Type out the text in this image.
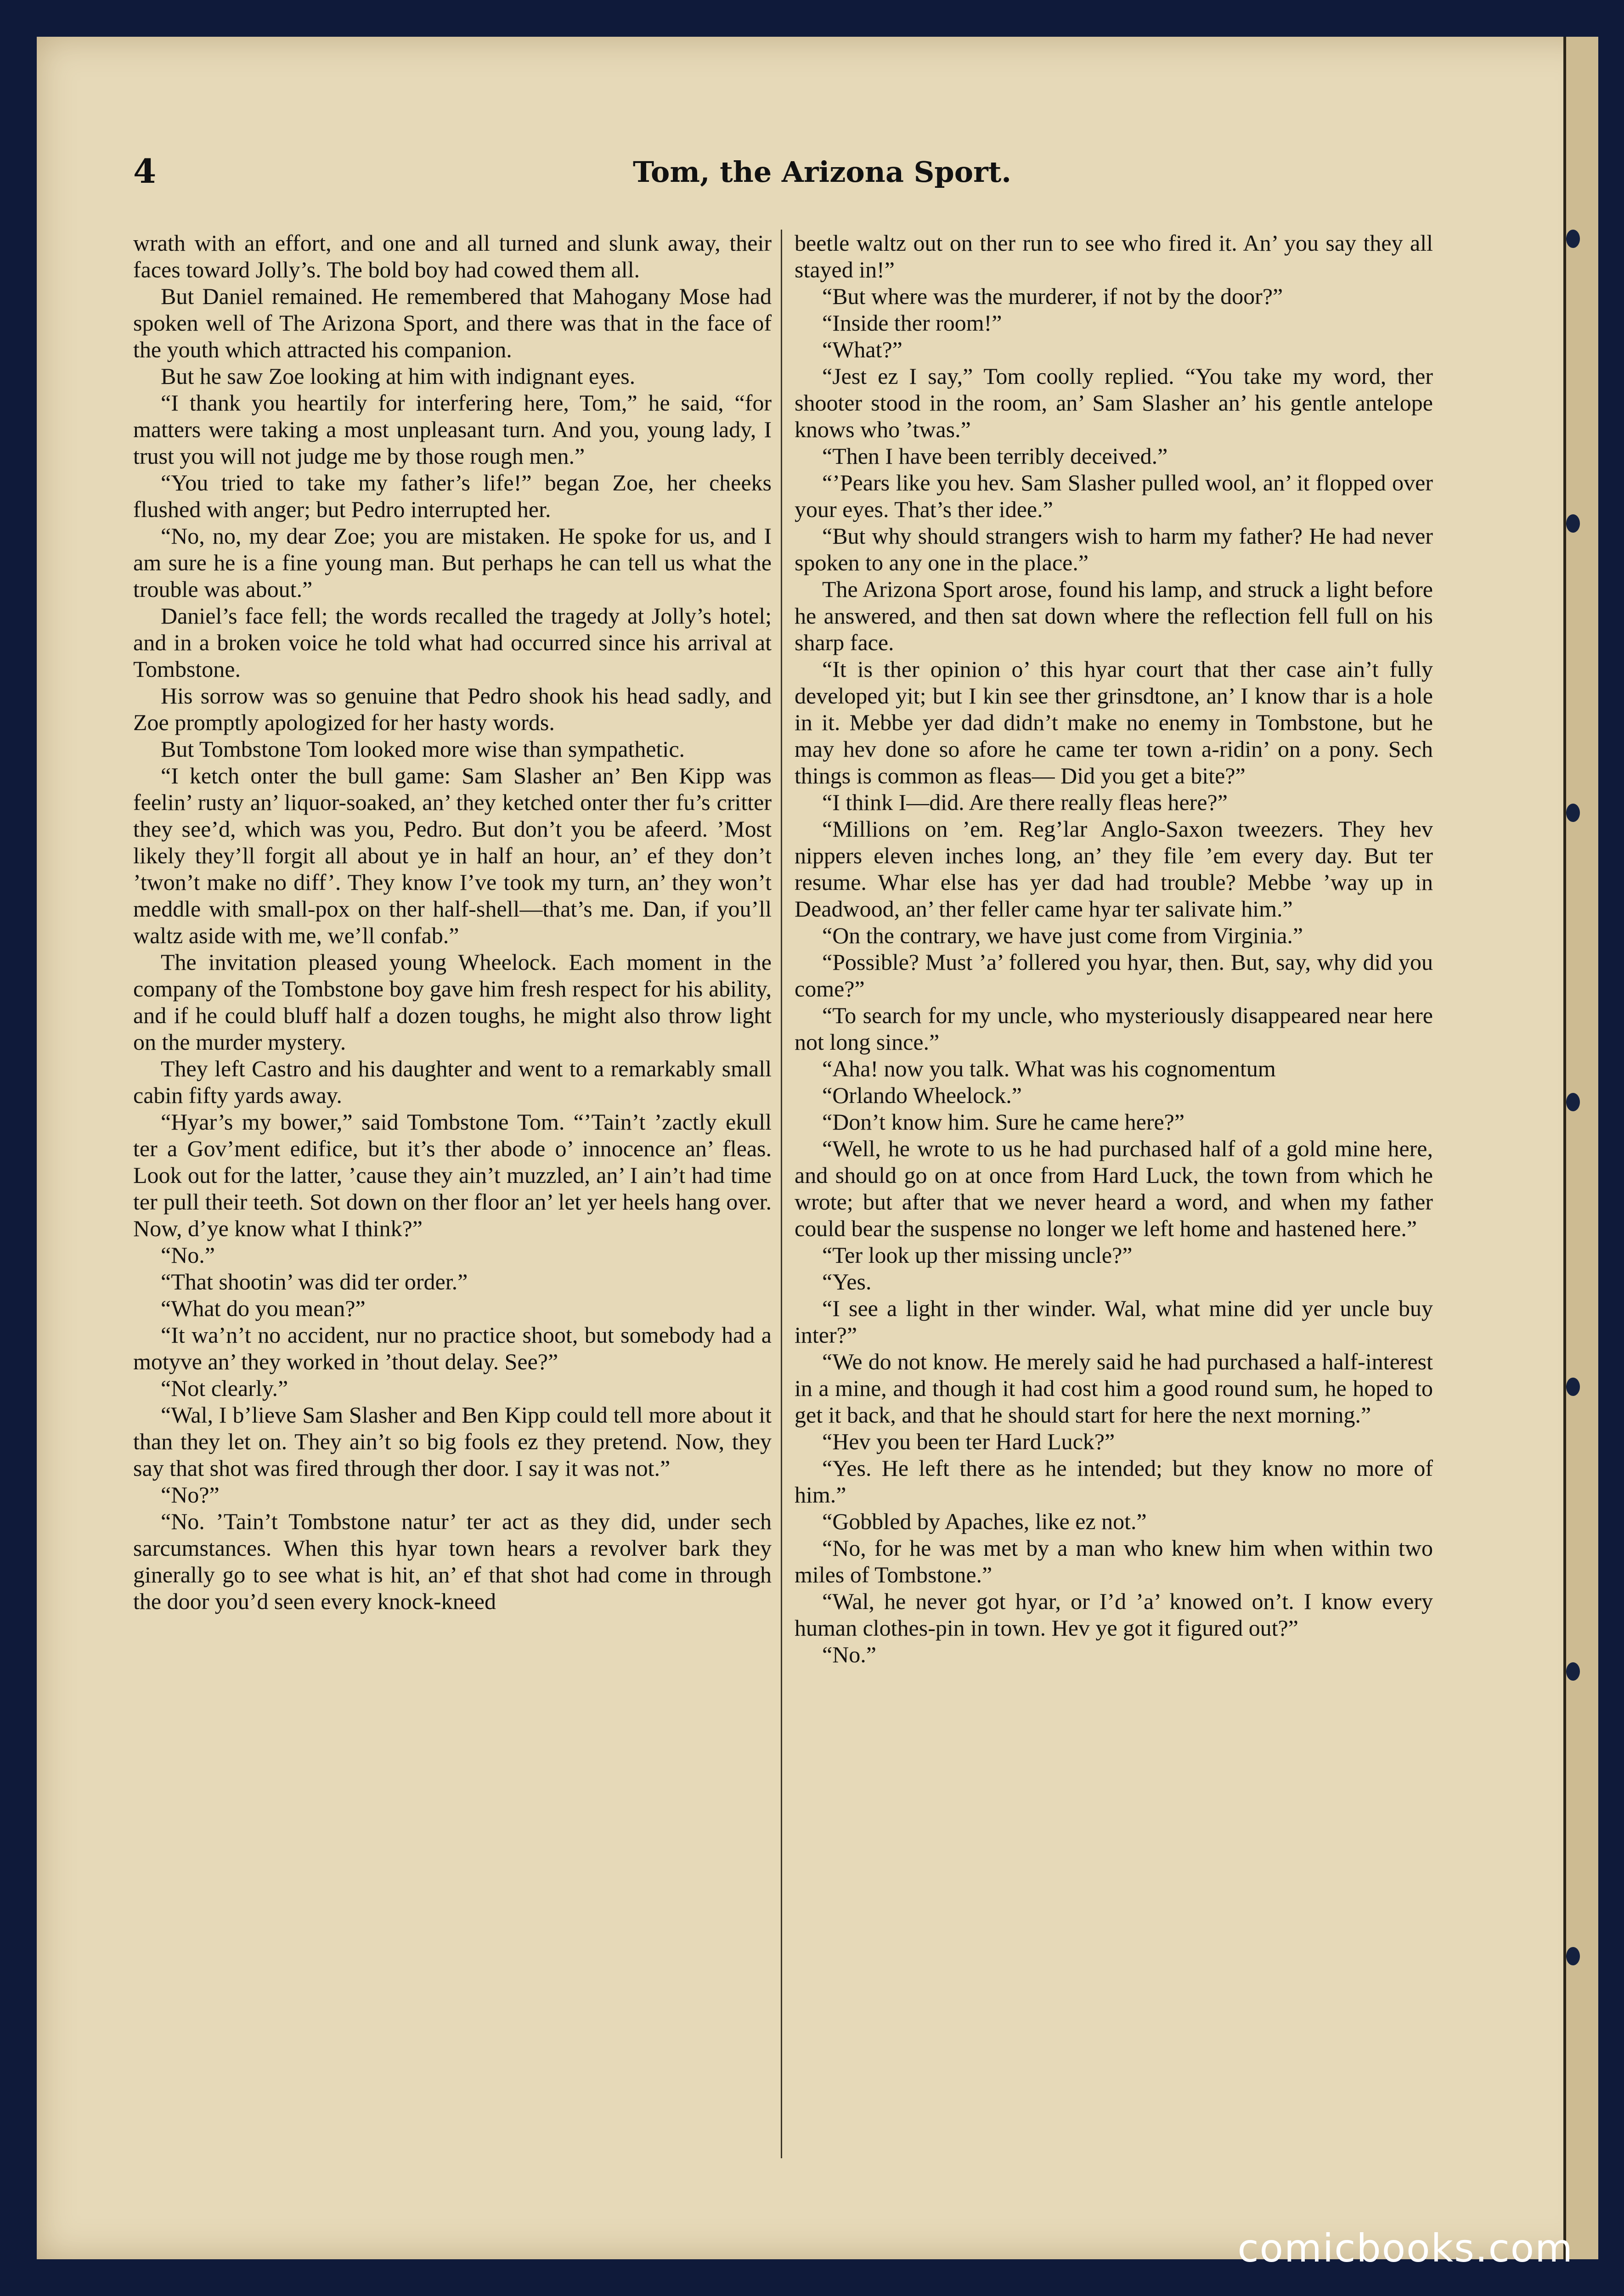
4	Tom, the Arizona Sport.

wrath with an effort, and one and all turned and slunk away, their faces toward Jolly’s. The bold boy had cowed them all.

But Daniel remained. He remembered that Mahogany Mose had spoken well of The Arizona Sport, and there was that in the face of the youth which attracted his companion.

But he saw Zoe looking at him with indignant eyes.

“I thank you heartily for interfering here, Tom,” he said, “for matters were taking a most unpleasant turn. And you, young lady, I trust you will not judge me by those rough men.”

“You tried to take my father’s life!” began Zoe, her cheeks flushed with anger; but Pedro interrupted her.

“No, no, my dear Zoe; you are mistaken. He spoke for us, and I am sure he is a fine young man. But perhaps he can tell us what the trouble was about.”

Daniel’s face fell; the words recalled the tragedy at Jolly’s hotel; and in a broken voice he told what had occurred since his arrival at Tombstone.

His sorrow was so genuine that Pedro shook his head sadly, and Zoe promptly apologized for her hasty words.

But Tombstone Tom looked more wise than sympathetic.

“I ketch onter the bull game: Sam Slasher an’ Ben Kipp was feelin’ rusty an’ liquor-soaked, an’ they ketched onter ther fu’s critter they see’d, which was you, Pedro. But don’t you be afeerd. ’Most likely they’ll forgit all about ye in half an hour, an’ ef they don’t ’twon’t make no diff’. They know I’ve took my turn, an’ they won’t meddle with small-pox on ther half-shell—that’s me. Dan, if you’ll waltz aside with me, we’ll confab.”

The invitation pleased young Wheelock. Each moment in the company of the Tombstone boy gave him fresh respect for his ability, and if he could bluff half a dozen toughs, he might also throw light on the murder mystery.

They left Castro and his daughter and went to a remarkably small cabin fifty yards away.

“Hyar’s my bower,” said Tombstone Tom. “’Tain’t ’zactly ekull ter a Gov’ment edifice, but it’s ther abode o’ innocence an’ fleas. Look out for the latter, ’cause they ain’t muzzled, an’ I ain’t had time ter pull their teeth. Sot down on ther floor an’ let yer heels hang over. Now, d’ye know what I think?”

“No.”

“That shootin’ was did ter order.”

“What do you mean?”

“It wa’n’t no accident, nur no practice shoot, but somebody had a motyve an’ they worked in ’thout delay. See?”

“Not clearly.”

“Wal, I b’lieve Sam Slasher and Ben Kipp could tell more about it than they let on. They ain’t so big fools ez they pretend. Now, they say that shot was fired through ther door. I say it was not.”

“No?”

“No. ’Tain’t Tombstone natur’ ter act as they did, under sech sarcumstances. When this hyar town hears a revolver bark they ginerally go to see what is hit, an’ ef that shot had come in through the door you’d seen every knock-kneed

beetle waltz out on ther run to see who fired it. An’ you say they all stayed in!”

“But where was the murderer, if not by the door?”

“Inside ther room!”

“What?”

“Jest ez I say,” Tom coolly replied. “You take my word, ther shooter stood in the room, an’ Sam Slasher an’ his gentle antelope knows who ’twas.”

“Then I have been terribly deceived.”

“’Pears like you hev. Sam Slasher pulled wool, an’ it flopped over your eyes. That’s ther idee.”

“But why should strangers wish to harm my father? He had never spoken to any one in the place.”

The Arizona Sport arose, found his lamp, and struck a light before he answered, and then sat down where the reflection fell full on his sharp face.

“It is ther opinion o’ this hyar court that ther case ain’t fully developed yit; but I kin see ther grinsdtone, an’ I know thar is a hole in it. Mebbe yer dad didn’t make no enemy in Tombstone, but he may hev done so afore he came ter town a-ridin’ on a pony. Sech things is common as fleas— Did you get a bite?”

“I think I—did. Are there really fleas here?”

“Millions on ’em. Reg’lar Anglo-Saxon tweezers. They hev nippers eleven inches long, an’ they file ’em every day. But ter resume. Whar else has yer dad had trouble? Mebbe ’way up in Deadwood, an’ ther feller came hyar ter salivate him.”

“On the contrary, we have just come from Virginia.”

“Possible? Must ’a’ follered you hyar, then. But, say, why did you come?”

“To search for my uncle, who mysteriously disappeared near here not long since.”

“Aha! now you talk. What was his cognomentum

“Orlando Wheelock.”

“Don’t know him. Sure he came here?”

“Well, he wrote to us he had purchased half of a gold mine here, and should go on at once from Hard Luck, the town from which he wrote; but after that we never heard a word, and when my father could bear the suspense no longer we left home and hastened here.”

“Ter look up ther missing uncle?”

“Yes.

“I see a light in ther winder. Wal, what mine did yer uncle buy inter?”

“We do not know. He merely said he had purchased a half-interest in a mine, and though it had cost him a good round sum, he hoped to get it back, and that he should start for here the next morning.”

“Hev you been ter Hard Luck?”

“Yes. He left there as he intended; but they know no more of him.”

“Gobbled by Apaches, like ez not.”

“No, for he was met by a man who knew him when within two miles of Tombstone.”

“Wal, he never got hyar, or I’d ’a’ knowed on’t. I know every human clothes-pin in town. Hev ye got it figured out?”

“No.”

comicbooks.com
